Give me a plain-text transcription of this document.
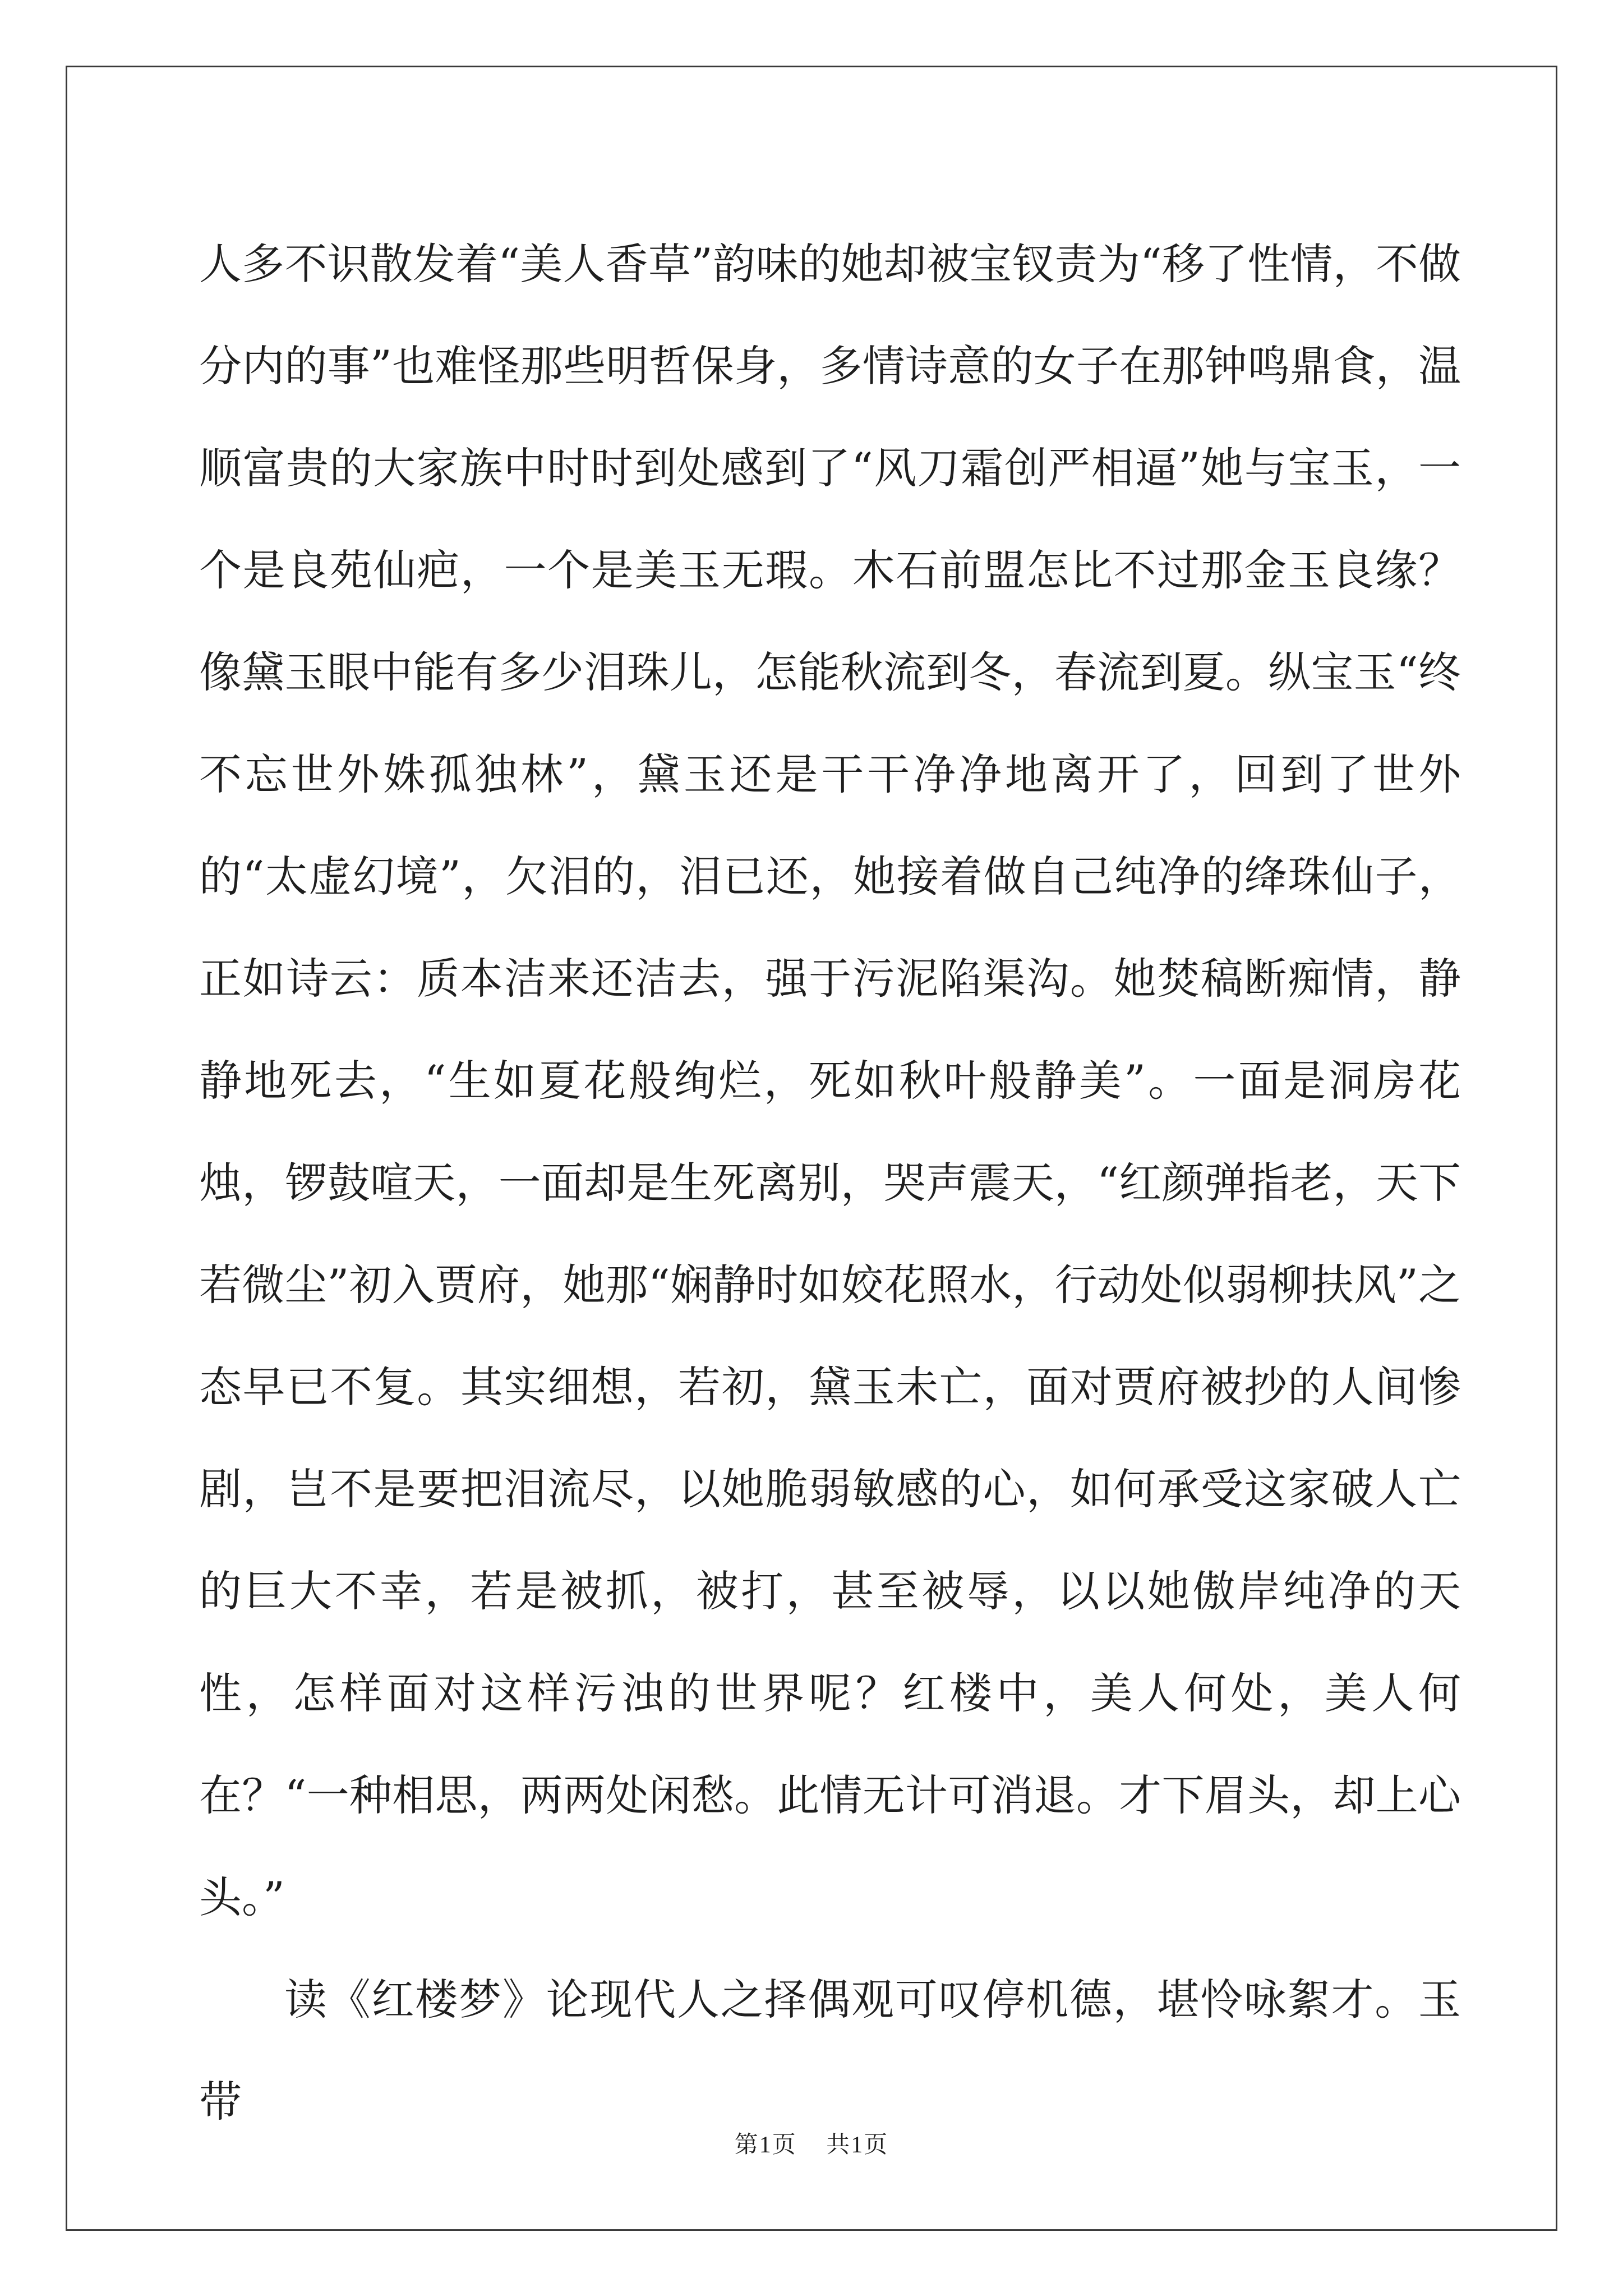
人多不识散发着“美人香草”韵味的她却被宝钗责为“移了性情，不做分内的事”也难怪那些明哲保身，多情诗意的女子在那钟鸣鼎食，温顺富贵的大家族中时时到处感到了“风刀霜创严相逼”她与宝玉，一个是良苑仙疤，一个是美玉无瑕。木石前盟怎比不过那金玉良缘？像黛玉眼中能有多少泪珠儿，怎能秋流到冬，春流到夏。纵宝玉“终不忘世外姝孤独林”，黛玉还是干干净净地离开了，回到了世外的“太虚幻境”，欠泪的，泪已还，她接着做自己纯净的绛珠仙子，正如诗云：质本洁来还洁去，强于污泥陷渠沟。她焚稿断痴情，静静地死去，“生如夏花般绚烂，死如秋叶般静美”。一面是洞房花烛，锣鼓喧天，一面却是生死离别，哭声震天，“红颜弹指老，天下若微尘”初入贾府，她那“娴静时如姣花照水，行动处似弱柳扶风”之态早已不复。其实细想，若初，黛玉未亡，面对贾府被抄的人间惨剧，岂不是要把泪流尽，以她脆弱敏感的心，如何承受这家破人亡的巨大不幸，若是被抓，被打，甚至被辱，以以她傲岸纯净的天性，怎样面对这样污浊的世界呢？红楼中，美人何处，美人何在？“一种相思，两两处闲愁。此情无计可消退。才下眉头，却上心头。”

读《红楼梦》论现代人之择偶观可叹停机德，堪怜咏絮才。玉带

第1页 共1页
